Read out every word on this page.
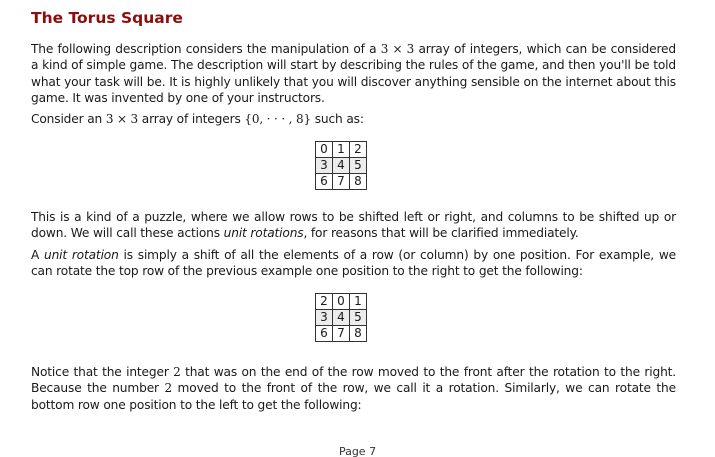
The Torus Square

The following description considers the manipulation of a 3 × 3 array of integers, which can be considered a kind of simple game. The description will start by describing the rules of the game, and then you'll be told what your task will be. It is highly unlikely that you will discover anything sensible on the internet about this game. It was invented by one of your instructors.

Consider an 3 × 3 array of integers {0, · · · , 8} such as:

0	1	2
3	4	5
6	7	8

This is a kind of a puzzle, where we allow rows to be shifted left or right, and columns to be shifted up or down. We will call these actions unit rotations, for reasons that will be clarified immediately.

A unit rotation is simply a shift of all the elements of a row (or column) by one position. For example, we can rotate the top row of the previous example one position to the right to get the following:

2	0	1
3	4	5
6	7	8

Notice that the integer 2 that was on the end of the row moved to the front after the rotation to the right. Because the number 2 moved to the front of the row, we call it a rotation. Similarly, we can rotate the bottom row one position to the left to get the following:

Page 7
